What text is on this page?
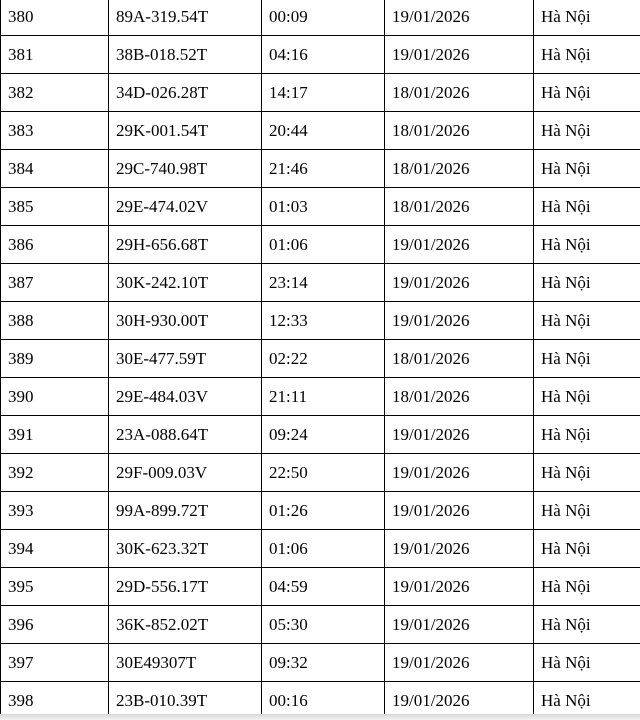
380	89A-319.54T	00:09	19/01/2026	Hà Nội
381	38B-018.52T	04:16	19/01/2026	Hà Nội
382	34D-026.28T	14:17	18/01/2026	Hà Nội
383	29K-001.54T	20:44	18/01/2026	Hà Nội
384	29C-740.98T	21:46	18/01/2026	Hà Nội
385	29E-474.02V	01:03	18/01/2026	Hà Nội
386	29H-656.68T	01:06	19/01/2026	Hà Nội
387	30K-242.10T	23:14	19/01/2026	Hà Nội
388	30H-930.00T	12:33	19/01/2026	Hà Nội
389	30E-477.59T	02:22	18/01/2026	Hà Nội
390	29E-484.03V	21:11	18/01/2026	Hà Nội
391	23A-088.64T	09:24	19/01/2026	Hà Nội
392	29F-009.03V	22:50	19/01/2026	Hà Nội
393	99A-899.72T	01:26	19/01/2026	Hà Nội
394	30K-623.32T	01:06	19/01/2026	Hà Nội
395	29D-556.17T	04:59	19/01/2026	Hà Nội
396	36K-852.02T	05:30	19/01/2026	Hà Nội
397	30E49307T	09:32	19/01/2026	Hà Nội
398	23B-010.39T	00:16	19/01/2026	Hà Nội
